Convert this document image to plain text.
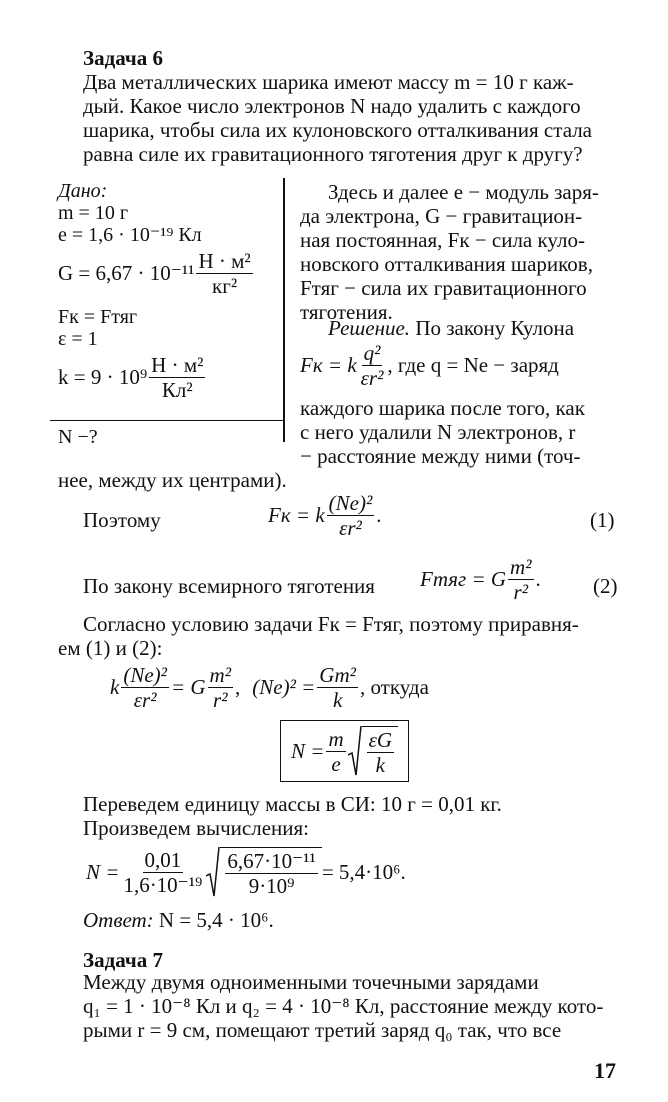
Задача 6
Два металлических шарика имеют массу m = 10 г каж-
дый. Какое число электронов N надо удалить с каждого
шарика, чтобы сила их кулоновского отталкивания стала
равна силе их гравитационного тяготения друг к другу?
Дано:
m = 10 г
e = 1,6 · 10⁻¹⁹ Кл
$G = 6,67 \cdot 10^{-11} \frac{\text{Н · м²}}{\text{кг²}}$
Fк = Fтяг
ε = 1
$k = 9 \cdot 10^9 \frac{\text{Н · м²}}{\text{Кл²}}$
N −?
Здесь и далее e − модуль заря-
да электрона, G − гравитацион-
ная постоянная, Fк − сила куло-
новского отталкивания шариков,
Fтяг − сила их гравитационного
тяготения.
Решение. По закону Кулона
Fк = k $\frac{\text{q²}}{\text{εr²}}$ , где q = Ne − заряд
каждого шарика после того, как
с него удалили N электронов, r
− расстояние между ними (точ-
нее, между их центрами).
Поэтому	Fк = k $\frac{\text{(Ne)²}}{\text{εr²}}$ .	(1)
По закону всемирного тяготения Fтяг = G $\frac{\text{m²}}{\text{r²}}$ . (2)
Согласно условию задачи Fк = Fтяг, поэтому приравня-
ем (1) и (2):
k $\frac{\text{(Ne)²}}{\text{εr²}} = G \frac{\text{m²}}{\text{r²}}$ , $(Ne)^2 = \frac{\text{Gm²}}{k}$ , откуда
$N = \frac{m}{e} \frac{\varepsilon G}{k}$
Переведем единицу массы в СИ: 10 г = 0,01 кг.
Произведем вычисления:
$N = \frac{0,01}{\text{1,6·10⁻¹⁹}} \frac{\text{6,67·10⁻¹¹}}{\text{9·10⁹}} = 5,4\cdot 10^6$.
Ответ: N = 5,4 · 10⁶.
Задача 7
Между двумя одноименными точечными зарядами
q₁ = 1 · 10⁻⁸ Кл и q₂ = 4 · 10⁻⁸ Кл, расстояние между кото-
рыми r = 9 см, помещают третий заряд q₀ так, что все
17
